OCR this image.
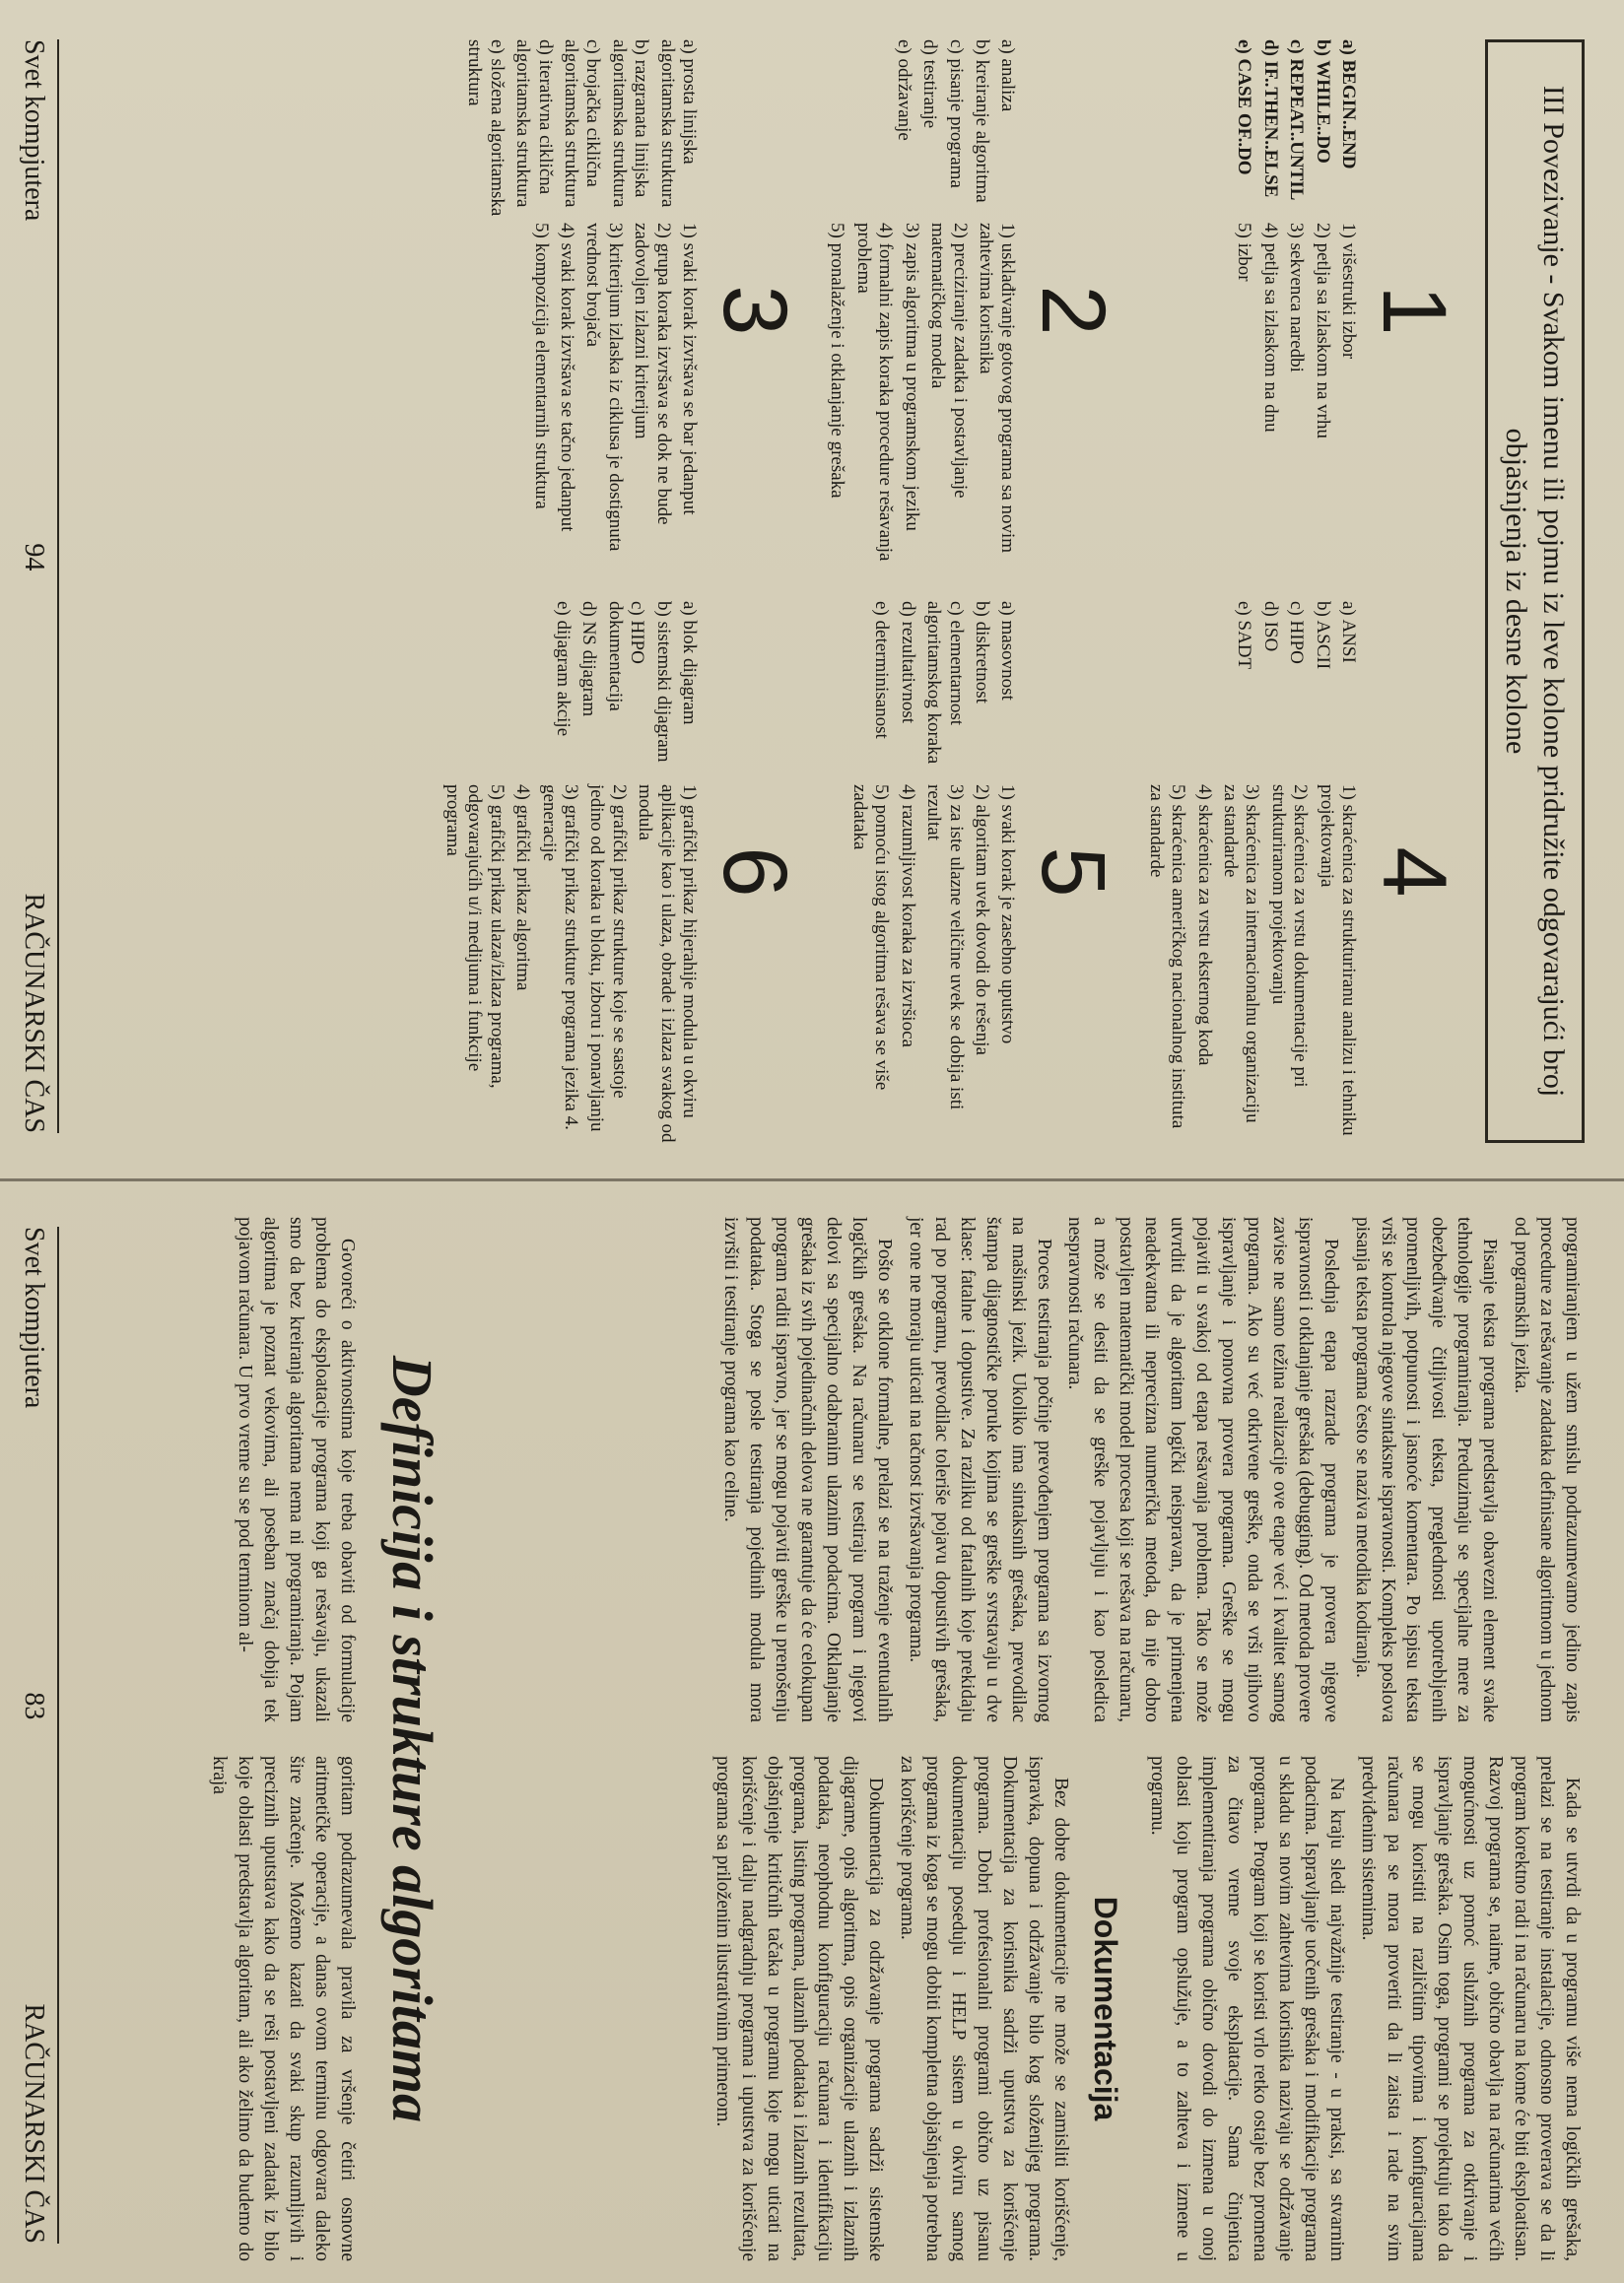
III Povezivanje - Svakom imenu ili pojmu iz leve kolone pridružite odgovarajući broj objašnjenja iz desne kolone
1
a) BEGIN..END
b) WHILE..DO
c) REPEAT..UNTIL
d) IF..THEN..ELSE
e) CASE OF..DO
1) višestruki izbor
2) petlja sa izlaskom na vrhu
3) sekvenca naredbi
4) petlja sa izlaskom na dnu
5) izbor
4
a) ANSI
b) ASCII
c) HIPO
d) ISO
e) SADT
1) skraćenica za strukturiranu analizu i tehniku projektovanja
2) skraćenica za vrstu dokumentacije pri strukturiranom projektovanju
3) skraćenica za internacionalnu organizaciju za standarde
4) skraćenica za vrstu eksternog koda
5) skraćenica američkog nacionalnog instituta za standarde
2
a) analiza
b) kreiranje algoritma
c) pisanje programa
d) testiranje
e) održavanje
1) usklađivanje gotovog programa sa novim zahtevima korisnika
2) preciziranje zadatka i postavljanje matematičkog modela
3) zapis algoritma u programskom jeziku
4) formalni zapis koraka procedure rešavanja problema
5) pronalaženje i otklanjanje grešaka
5
a) masovnost
b) diskretnost
c) elementarnost algoritamskog koraka
d) rezultativnost
e) determinisanost
1) svaki korak je zasebno uputstvo
2) algoritam uvek dovodi do rešenja
3) za iste ulazne veličine uvek se dobija isti rezultat
4) razumljivost koraka za izvršioca
5) pomoću istog algoritma rešava se više zadataka
3
a) prosta linijska algoritamska struktura
b) razgranata linijska algoritamska struktura
c) brojačka ciklična algoritamska struktura
d) iterativna ciklična algoritamska struktura
e) složena algoritamska struktura
1) svaki korak izvršava se bar jedanput
2) grupa koraka izvršava se dok ne bude zadovoljen izlazni kriterijum
3) kriterijum izlaska iz ciklusa je dostignuta vrednost brojača
4) svaki korak izvršava se tačno jedanput
5) kompozicija elementarnih struktura
6
a) blok dijagram
b) sistemski dijagram
c) HIPO dokumentacija
d) NS dijagram
e) dijagram akcije
1) grafički prikaz hijerahije modula u okviru aplikacije kao i ulaza, obrade i izlaza svakog od modula
2) grafički prikaz strukture koje se sastoje jedino od koraka u bloku, izboru i ponavljanju
3) grafički prikaz strukture programa jezika 4. generacije
4) grafički prikaz algoritma
5) grafički prikaz ulaza/izlaza programa, odgovarajućih u/i medijuma i funkcije programa
Svet kompjutera
94
RAČUNARSKI ČAS

programiranjem u užem smislu podrazumevamo jedino zapis procedure za rešavanje zadataka definisane algoritmom u jednom od programskih jezika.

Pisanje teksta programa predstavlja obavezni element svake tehnologije programiranja. Preduzimaju se specijalne mere za obezbeđivanje čitljivosti teksta, preglednosti upotrebljenih promenljivih, potpunosti i jasnoće komentara. Po ispisu teksta vrši se kontrola njegove sintaksne ispravnosti. Kompleks poslova pisanja teksta programa često se naziva metodika kodiranja.

Poslednja etapa razrade programa je provera njegove ispravnosti i otklanjanje grešaka (debugging). Od metoda provere zavise ne samo težina realizacije ove etape već i kvalitet samog programa. Ako su već otkrivene greške, onda se vrši njihovo ispravljanje i ponovna provera programa. Greške se mogu pojaviti u svakoj od etapa rešavanja problema. Tako se može utvrditi da je algoritam logički neispravan, da je primenjena neadekvatna ili neprecizna numerička metoda, da nije dobro postavljen matematički model procesa koji se rešava na računaru, a može se desiti da se greške pojavljuju i kao posledica nespravnosti računara.

Proces testiranja počinje prevođenjem programa sa izvornog na mašinski jezik. Ukoliko ima sintaksnih grešaka, prevodilac štampa dijagnostičke poruke kojima se greške svrstavaju u dve klase: fatalne i dopustive. Za razliku od fatalnih koje prekidaju rad po programu, prevodilac toleriše pojavu dopustivih grešaka, jer one ne moraju uticati na tačnost izvršavanja programa.

Pošto se otklone formalne, prelazi se na traženje eventualnih logičkih grešaka. Na računaru se testiraju program i njegovi delovi sa specijalno odabranim ulaznim podacima. Otklanjanje grešaka iz svih pojedinačnih delova ne garantuje da će celokupan program raditi ispravno, jer se mogu pojaviti greške u prenošenju podataka. Stoga se posle testiranja pojedinih modula mora izvršiti i testiranje programa kao celine.

Kada se utvrdi da u programu više nema logičkih grešaka, prelazi se na testiranje instalacije, odnosno proverava se da li program korektno radi i na računaru na kome će biti eksploatisan. Razvoj programa se, naime, obično obavlja na računarima većih mogućnosti uz pomoć uslužnih programa za otkrivanje i ispravljanje grešaka. Osim toga, programi se projektuju tako da se mogu koristiti na različitim tipovima i konfiguracijama računara pa se mora proveriti da li zaista i rade na svim predviđenim sistemima.

Na kraju sledi najvažnije testiranje - u praksi, sa stvarnim podacima. Ispravljanje uočenih grešaka i modifikacije programa u skladu sa novim zahtevima korisnika nazivaju se održavanje programa. Program koji se koristi vrlo retko ostaje bez promena za čitavo vreme svoje eksplatacije. Sama činjenica implementiranja programa obično dovodi do izmena u onoj oblasti koju program opslužuje, a to zahteva i izmene u programu.

Dokumentacija

Bez dobre dokumentacije ne može se zamisliti korišćenje, ispravka, dopuna i održavanje bilo kog složenijeg programa. Dokumentacija za korisnika sadrži uputstva za korišćenje programa. Dobri profesionalni programi obično uz pisanu dokumentaciju poseduju i HELP sistem u okviru samog programa iz koga se mogu dobiti kompletna objašnjenja potrebna za korišćenje programa.

Dokumentacija za održavanje programa sadrži sistemske dijagrame, opis algoritma, opis organizacije ulaznih i izlaznih podataka, neophodnu konfiguraciju računara i identifikaciju programa, listing programa, ulaznih podataka i izlaznih rezultata, objašnjenje kritičnih tačaka u programu koje mogu uticati na korišćenje i dalju nadgradnju programa i uputstva za korišćenje programa sa priloženim ilustrativnim primerom.

Definicija i strukture algoritama

Govoreći o aktivnostima koje treba obaviti od formulacije problema do eksploatacije programa koji ga rešavaju, ukazali smo da bez kreiranja algoritama nema ni programiranja. Pojam algoritma je poznat vekovima, ali poseban značaj dobija tek pojavom računara. U prvo vreme su se pod terminom al-

goritam podrazumevala pravila za vršenje četiri osnovne aritmetičke operacije, a danas ovom terminu odgovara daleko šire značenje. Možemo kazati da svaki skup razumljivih i preciznih uputstava kako da se reši postavljeni zadatak iz bilo koje oblasti predstavlja algoritam, ali ako želimo da budemo do kraja

Svet kompjutera
83
RAČUNARSKI ČAS
